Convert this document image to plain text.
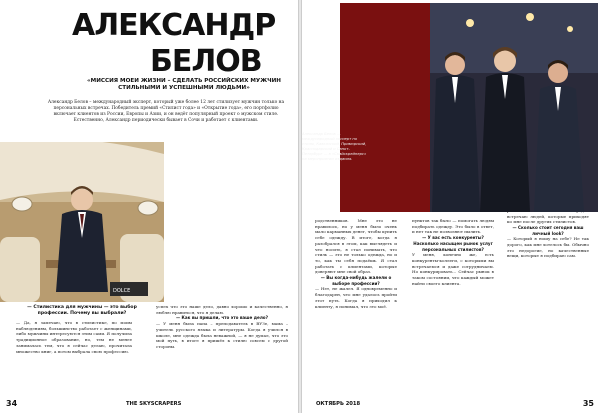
АЛЕКСАНДР
БЕЛОВ
«МИССИЯ МОЕИ ЖИЗНИ – СДЕЛАТЬ РОССИЙСКИХ МУЖЧИН СТИЛЬНЫМИ И УСПЕШНЫМИ ЛЮДЬМИ»
Александр Белов – международный эксперт, который уже более 12 лет стилизует мужчин только на персональных встречах. Победитель премий «Стилист года» и «Открытие года», его портфолио включает клиентов из России, Европы и Азии, и он ведёт популярный проект о мужском стиле. Естественно, Александр периодически бывает в Сочи и работает с клиентами.
DOLCE
— Стилистика для мужчины — это выбор профессии. Почему вы выбрали?
— Да, я замечаю, что в стилистике, по моим наблюдениям, большинство работает с женщинами, либо мужчины интересуются этим сами. Я получила традиционное образование, но, тем не менее занималась тем, что я сейчас делаю, прочитала множество книг, а потом выбрала свою профессию.
успех что это наше дело, давно хорошо и качественно, я люблю нравиться, что я делаю.
— Как вы пришли, что это ваше дело?
— У меня была папа – преподаватель в ВУЗе, мама – учитель русского языка и литературы. Когда я учился в школе, мне одежда была неважной, — я не думал, что это мой путь, в итоге я пришёл к стилю совсем с другой стороны.
34	THE SKYSCRAPERS
родственников. Мне это не нравилось, но у меня было очень мало карманных денег, чтобы купить себе одежду. В итоге, когда я разобрался в этом, как выглядеть и что носить, я стал понимать, что стиль — это не только одежда, но и то, как ты себя подаёшь. Я стал работать с клиентами, которые доверяют мне свой образ.
— Вы когда-нибудь жалели о выборе профессии?
— Нет, не жалел. Я одновременно и благодарен, что мне удалось пройти этот путь. Когда я приходил к клиенту, я понимал, что это моё.
пунктов так было — помогать людям подбирать одежду. Это было в ответ, и нет так не позволяют пылить.
— У вас есть конкуренты? Насколько насыщен рынок услуг персональных стилистов?
У меня, конечно же, есть конкуренты-коллеги, с которыми вы встречаемся и даже сотрудничаем. Но конкурировать... Сейчас рынок в таком состоянии, что каждый может найти своего клиента.
встречаю людей, которые приходят ко мне после других стилистов.
— Сколько стоит сегодня ваш личный look?
— Который я ношу на себе? Не так дорого, как мне хотелось бы. Обычно это недорогие, но качественные вещи, которые я подбираю сам.
ОКТЯБРЬ 2018	35
Александр Белов — международный эксперт по стилю, Кавказский, Приморский, Краснодарский и Санкт-Петербург — в «Скайскрейперс» на мероприятии издания.
